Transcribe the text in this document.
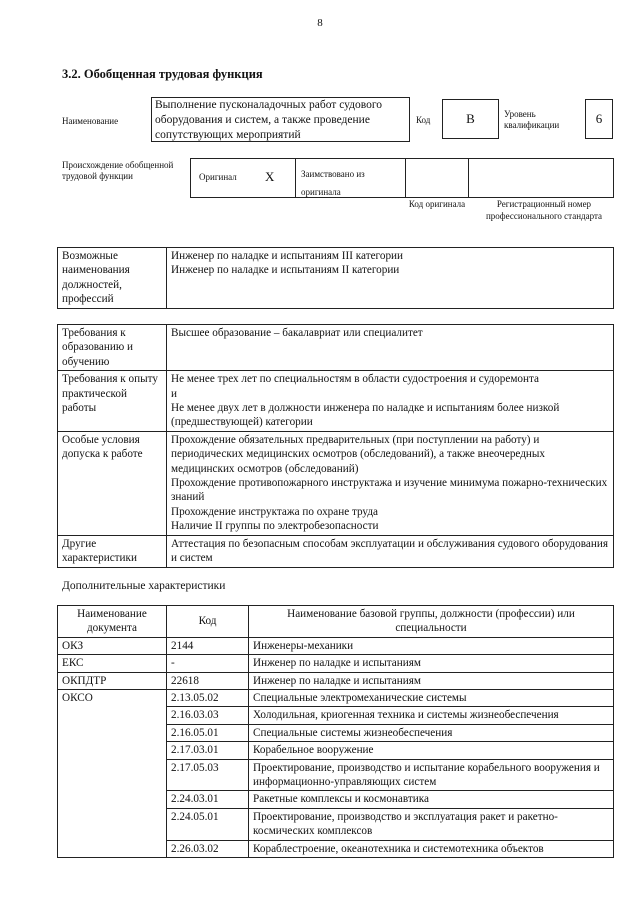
8
3.2. Обобщенная трудовая функция
Наименование
Выполнение пусконаладочных работ судового оборудования и систем, а также проведение сопутствующих мероприятий
Код	В	Уровень квалификации	6
Происхождение обобщенной трудовой функции	Оригинал X	Заимствовано из оригинала
Код оригинала	Регистрационный номер профессионального стандарта
Возможные наименования должностей, профессий	
Инженер по наладке и испытаниям III категории
Инженер по наладке и испытаниям II категории
Требования к образованию и обучению	Высшее образование – бакалавриат или специалитет

Требования к опыту практической работы	Не менее трех лет по специальностям в области судостроения и судоремонта
и
Не менее двух лет в должности инженера по наладке и испытаниям более низкой (предшествующей) категории

Особые условия допуска к работе	Прохождение обязательных предварительных (при поступлении на работу) и периодических медицинских осмотров (обследований), а также внеочередных медицинских осмотров (обследований)
Прохождение противопожарного инструктажа и изучение минимума пожарно-технических знаний
Прохождение инструктажа по охране труда
Наличие II группы по электробезопасности

Другие характеристики	Аттестация по безопасным способам эксплуатации и обслуживания судового оборудования и систем
Дополнительные характеристики
Наименование документа	Код	Наименование базовой группы, должности (профессии) или специальности
ОКЗ	2144	Инженеры-механики
ЕКС	-	Инженер по наладке и испытаниям
ОКПДТР	22618	Инженер по наладке и испытаниям
ОКСО	2.13.05.02	Специальные электромеханические системы
	2.16.03.03	Холодильная, криогенная техника и системы жизнеобеспечения
	2.16.05.01	Специальные системы жизнеобеспечения
	2.17.03.01	Корабельное вооружение
	2.17.05.03	Проектирование, производство и испытание корабельного вооружения и информационно-управляющих систем
	2.24.03.01	Ракетные комплексы и космонавтика
	2.24.05.01	Проектирование, производство и эксплуатация ракет и ракетно-космических комплексов
	2.26.03.02	Кораблестроение, океанотехника и системотехника объектов
